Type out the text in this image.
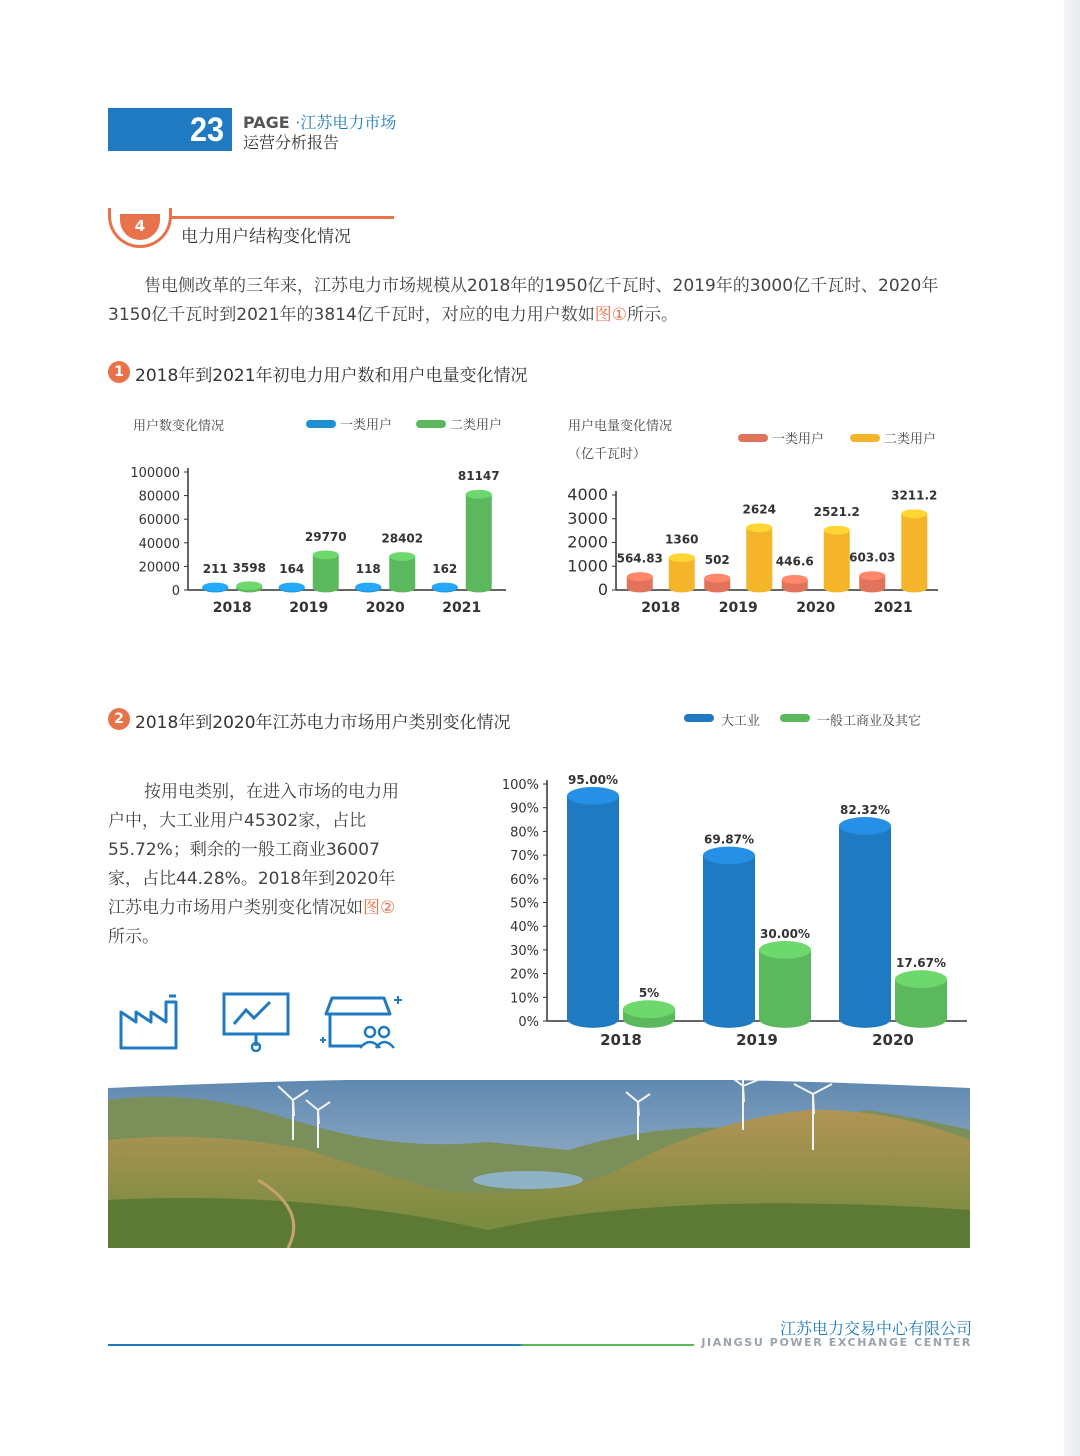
23 PAGE ·江苏电力市场
运营分析报告
4
电力用户结构变化情况
售电侧改革的三年来，江苏电力市场规模从2018年的1950亿千瓦时、2019年的3000亿千瓦时、2020年3150亿千瓦时到2021年的3814亿千瓦时，对应的电力用户数如图①所示。
1 2018年到2021年初电力用户数和用户电量变化情况
用户数变化情况	一类用户	二类用户
100000
80000
60000
40000
20000
0
211 3598
2018
164
29770
2019
118
28402
2020
162
81147
2021
用户电量变化情况
（亿千瓦时）
一类用户	二类用户
4000
3000
2000
1000
0
564.83
1360
2018
502
2624
2019
446.6
2521.2
2020
603.03
3211.2
2021
2 2018年到2020年江苏电力市场用户类别变化情况	大工业	一般工商业及其它
按用电类别，在进入市场的电力用户中，大工业用户45302家，占比55.72%；剩余的一般工商业36007家，占比44.28%。2018年到2020年江苏电力市场用户类别变化情况如图②所示。
100%
90%
80%
70%
60%
50%
40%
30%
20%
10%
0%
95.00%
5%
2018
69.87%
30.00%
2019
82.32%
17.67%
2020
江苏电力交易中心有限公司
JIANGSU POWER EXCHANGE CENTER
